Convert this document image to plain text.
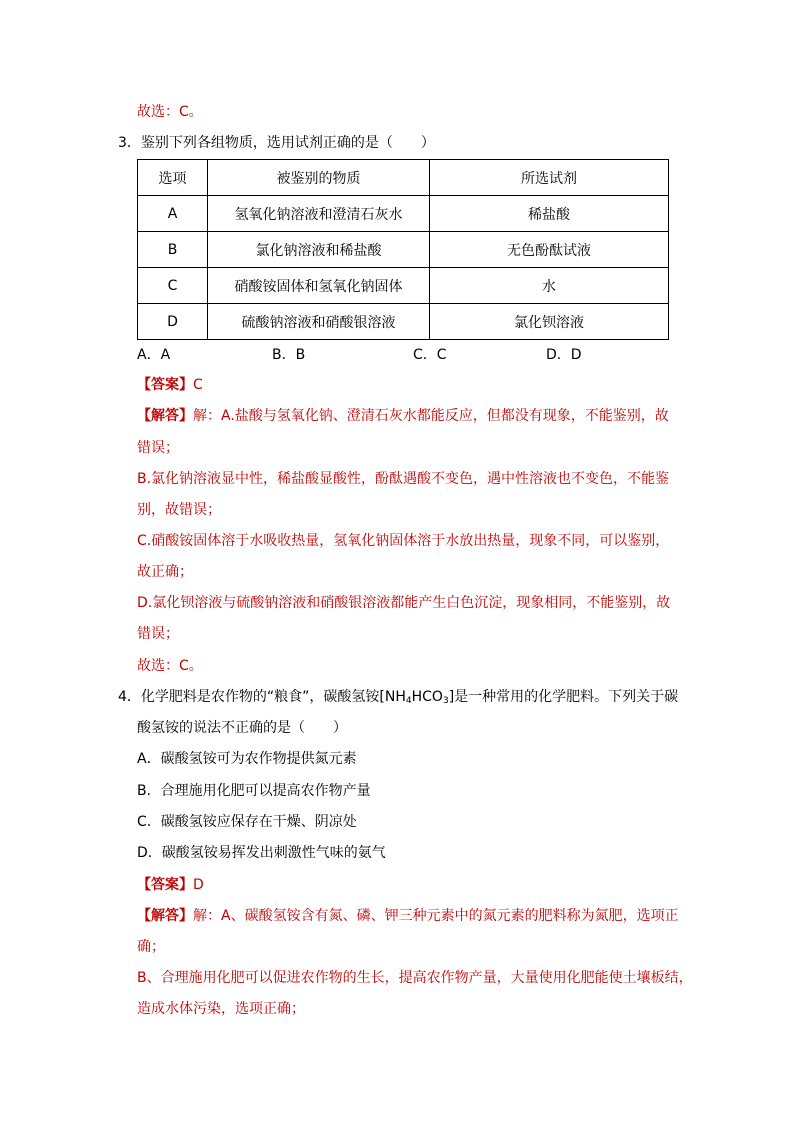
故选：C。
3．鉴别下列各组物质，选用试剂正确的是（　　）
选项	被鉴别的物质	所选试剂
A	氢氧化钠溶液和澄清石灰水	稀盐酸
B	氯化钠溶液和稀盐酸	无色酚酞试液
C	硝酸铵固体和氢氧化钠固体	水
D	硫酸钠溶液和硝酸银溶液	氯化钡溶液
A．A	B．B	C．C	D．D
【答案】C
【解答】解：A.盐酸与氢氧化钠、澄清石灰水都能反应，但都没有现象，不能鉴别，故
错误；
B.氯化钠溶液显中性，稀盐酸显酸性，酚酞遇酸不变色，遇中性溶液也不变色，不能鉴
别，故错误；
C.硝酸铵固体溶于水吸收热量，氢氧化钠固体溶于水放出热量，现象不同，可以鉴别，
故正确；
D.氯化钡溶液与硫酸钠溶液和硝酸银溶液都能产生白色沉淀，现象相同，不能鉴别，故
错误；
故选：C。
4．化学肥料是农作物的“粮食”，碳酸氢铵$[NH_4HCO_3]$是一种常用的化学肥料。下列关于碳
酸氢铵的说法不正确的是（　　）
A．碳酸氢铵可为农作物提供氮元素
B．合理施用化肥可以提高农作物产量
C．碳酸氢铵应保存在干燥、阴凉处
D．碳酸氢铵易挥发出刺激性气味的氨气
【答案】D
【解答】解：A、碳酸氢铵含有氮、磷、钾三种元素中的氮元素的肥料称为氮肥，选项正
确；
B、合理施用化肥可以促进农作物的生长，提高农作物产量，大量使用化肥能使土壤板结，
造成水体污染，选项正确；
